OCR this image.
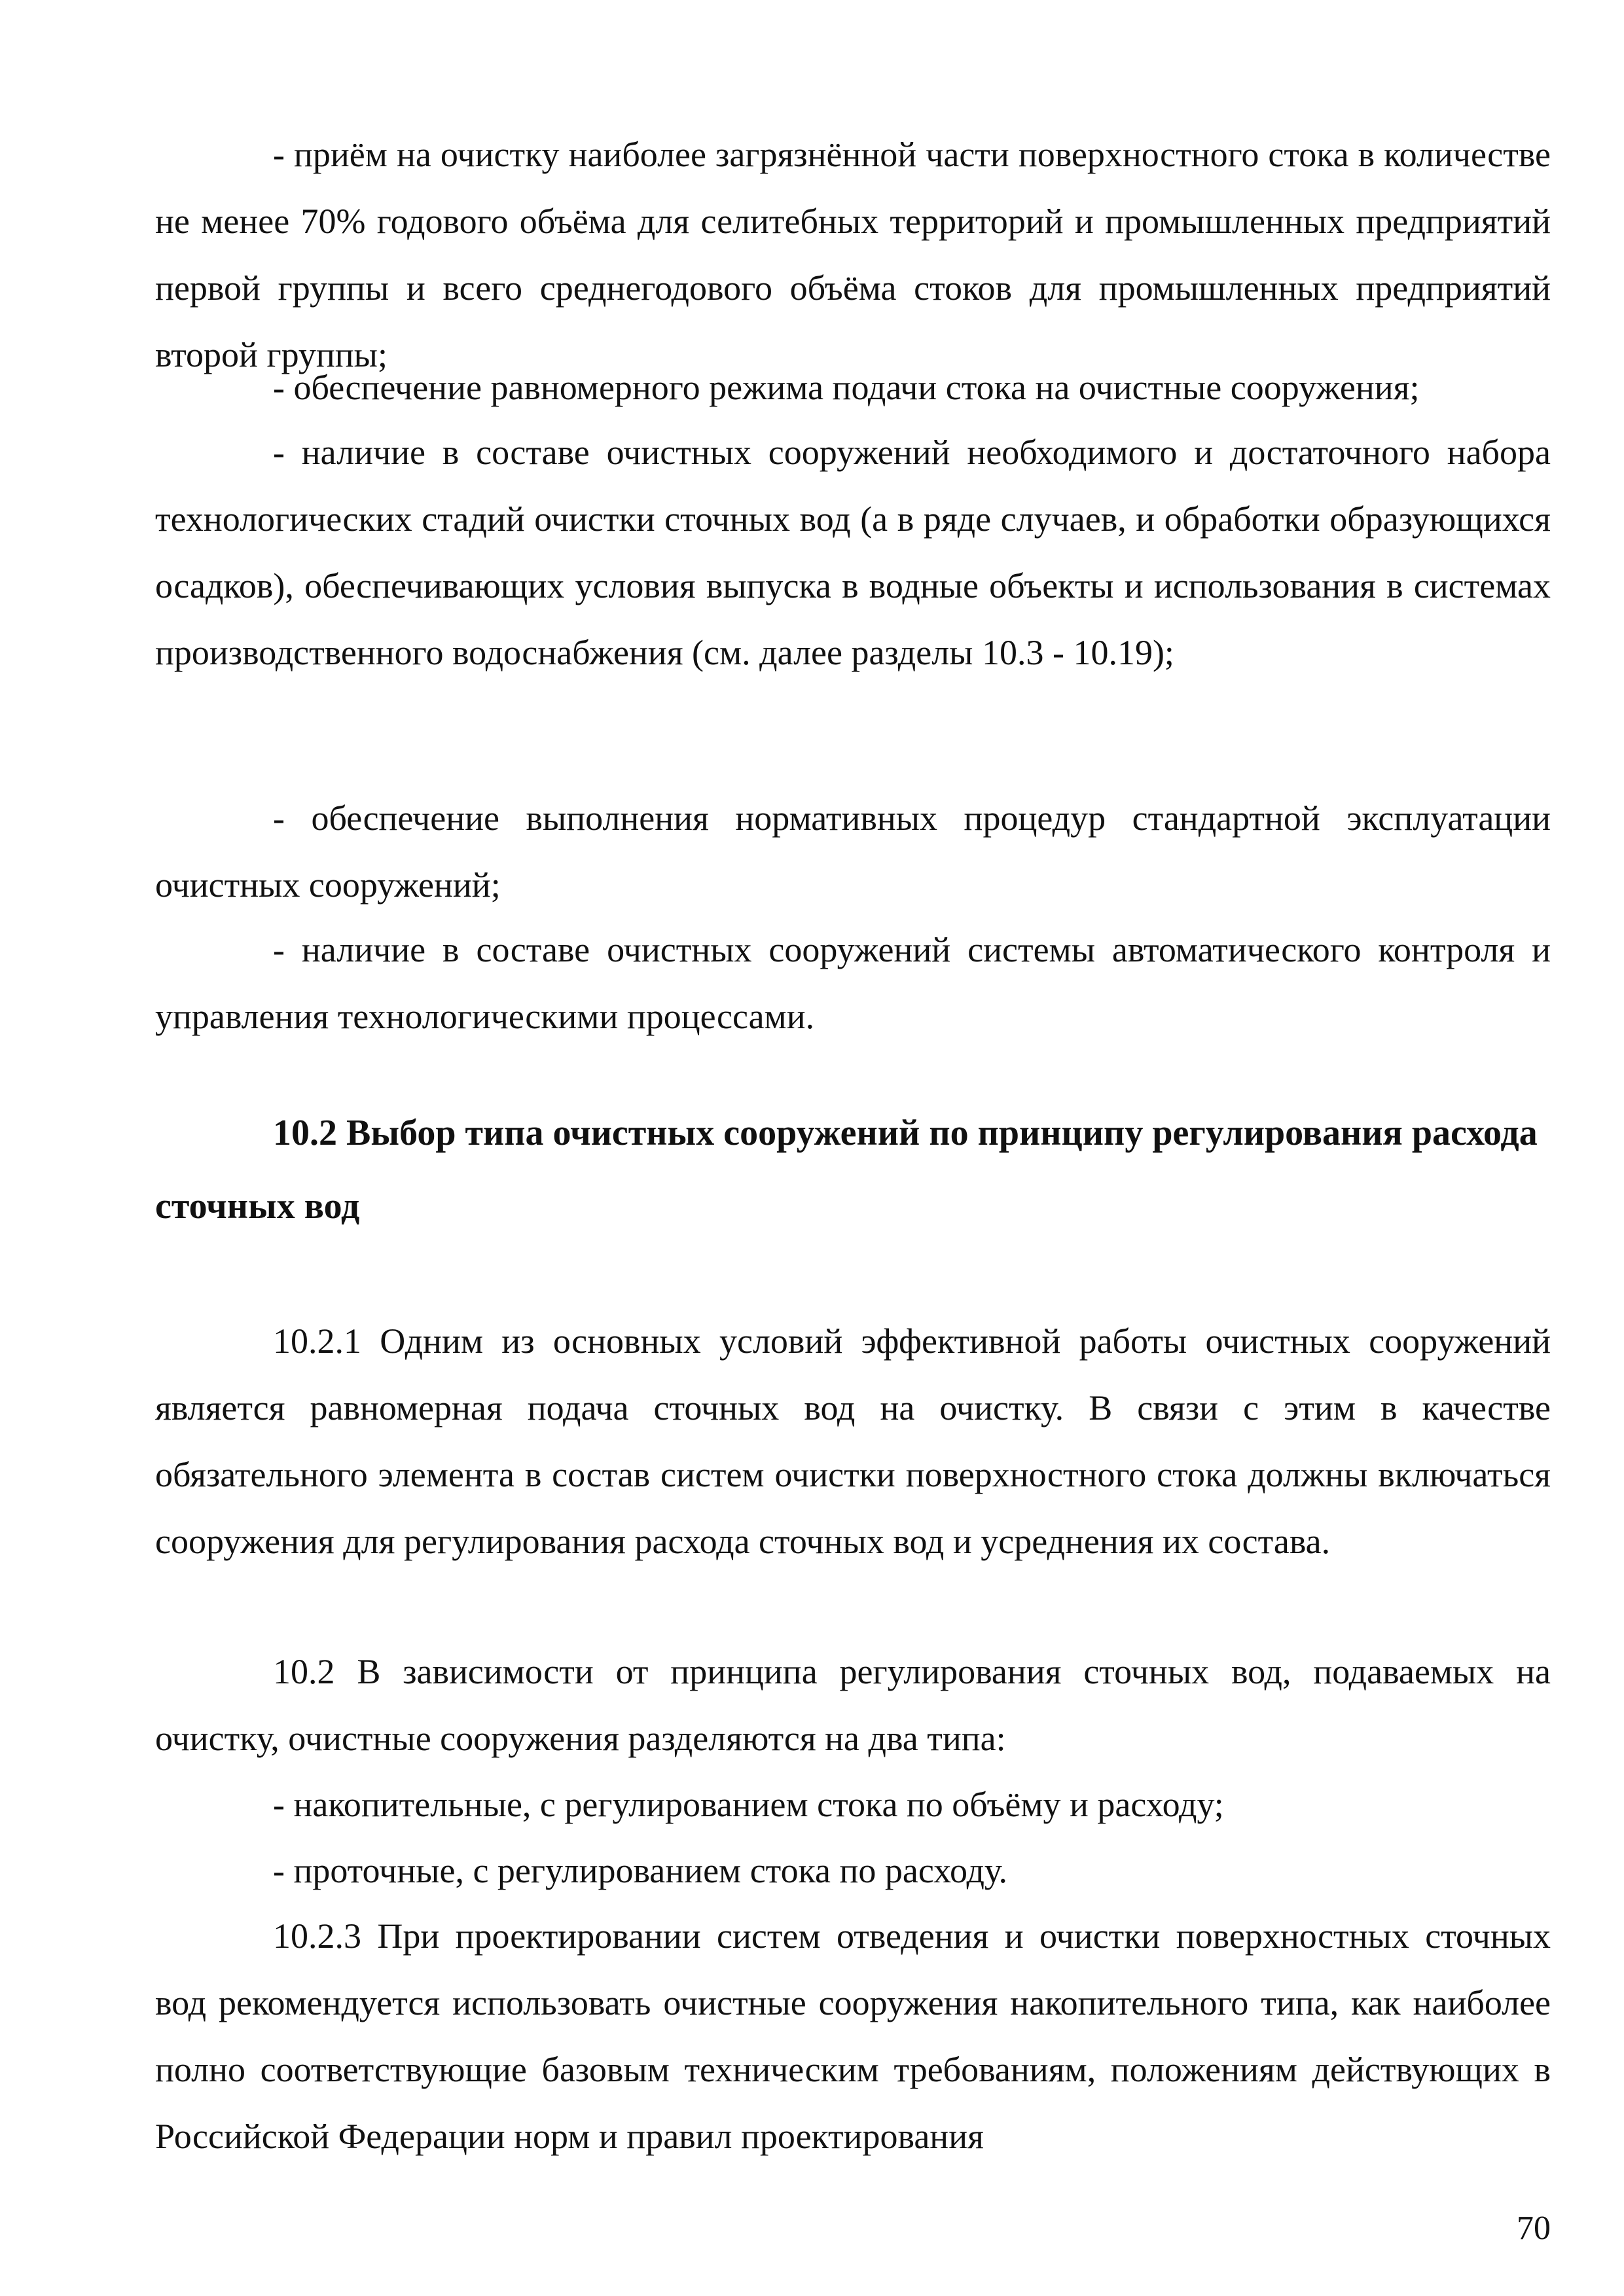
- приём на очистку наиболее загрязнённой части поверхностного стока в количестве не менее 70% годового объёма для селитебных территорий и промышленных предприятий первой группы и всего среднегодового объёма стоков для промышленных предприятий второй группы;

- обеспечение равномерного режима подачи стока на очистные сооружения;

- наличие в составе очистных сооружений необходимого и достаточного набора технологических стадий очистки сточных вод (а в ряде случаев, и обработки образующихся осадков), обеспечивающих условия выпуска в водные объекты и использования в системах производственного водоснабжения (см. далее разделы 10.3 - 10.19);

- обеспечение выполнения нормативных процедур стандартной эксплуатации очистных сооружений;

- наличие в составе очистных сооружений системы автоматического контроля и управления технологическими процессами.

10.2 Выбор типа очистных сооружений по принципу регулирования расхода сточных вод

10.2.1 Одним из основных условий эффективной работы очистных сооружений является равномерная подача сточных вод на очистку. В связи с этим в качестве обязательного элемента в состав систем очистки поверхностного стока должны включаться сооружения для регулирования расхода сточных вод и усреднения их состава.

10.2 В зависимости от принципа регулирования сточных вод, подаваемых на очистку, очистные сооружения разделяются на два типа:

- накопительные, с регулированием стока по объёму и расходу;

- проточные, с регулированием стока по расходу.

10.2.3 При проектировании систем отведения и очистки поверхностных сточных вод рекомендуется использовать очистные сооружения накопительного типа, как наиболее полно соответствующие базовым техническим требованиям, положениям действующих в Российской Федерации норм и правил проектирования

70
